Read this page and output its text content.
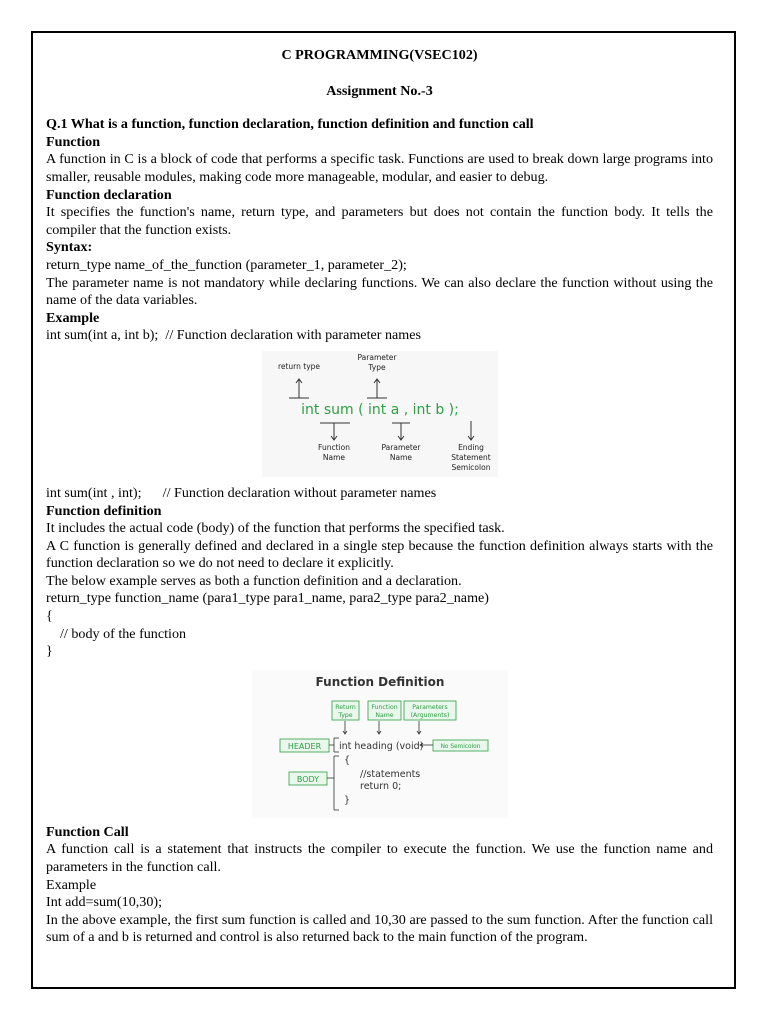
C PROGRAMMING(VSEC102)

Assignment No.-3

Q.1 What is a function, function declaration, function definition and function call

Function

A function in C is a block of code that performs a specific task. Functions are used to break down large programs into smaller, reusable modules, making code more manageable, modular, and easier to debug.

Function declaration

It specifies the function's name, return type, and parameters but does not contain the function body. It tells the compiler that the function exists.

Syntax:

return_type name_of_the_function (parameter_1, parameter_2);

The parameter name is not mandatory while declaring functions. We can also declare the function without using the name of the data variables.

Example

int sum(int a, int b);  // Function declaration with parameter names

return type
Parameter
Type
int sum ( int a , int b );
Function
Name
Parameter
Name
Ending
Statement
Semicolon

int sum(int , int);      // Function declaration without parameter names

Function definition

It includes the actual code (body) of the function that performs the specified task.

A C function is generally defined and declared in a single step because the function definition always starts with the function declaration so we do not need to declare it explicitly.

The below example serves as both a function definition and a declaration.

return_type function_name (para1_type para1_name, para2_type para2_name)

{

// body of the function

}

Function Definition
Return
Type
Function
Name
Parameters
(Arguments)
HEADER int heading (void)	No Semicolon
{
//statements
return 0;
}
BODY

Function Call

A function call is a statement that instructs the compiler to execute the function. We use the function name and parameters in the function call.

Example

Int add=sum(10,30);

In the above example, the first sum function is called and 10,30 are passed to the sum function. After the function call sum of a and b is returned and control is also returned back to the main function of the program.
